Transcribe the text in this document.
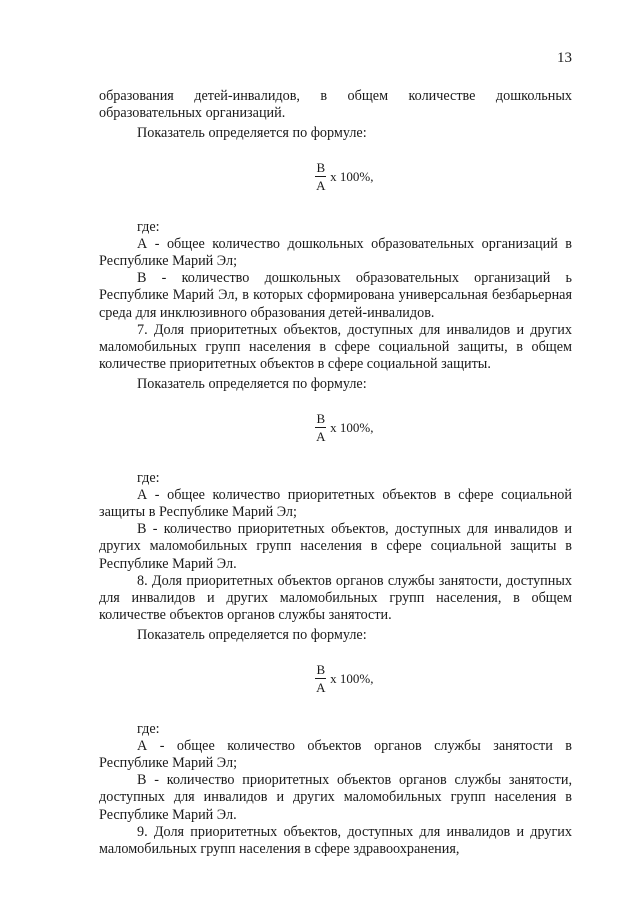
13

образования детей-инвалидов, в общем количестве дошкольных образовательных организаций.

Показатель определяется по формуле:

$\frac{В}{А}$ x 100%,

где:

А - общее количество дошкольных образовательных организаций в Республике Марий Эл;

В - количество дошкольных образовательных организаций ь Республике Марий Эл, в которых сформирована универсальная безбарьерная среда для инклюзивного образования детей-инвалидов.

7. Доля приоритетных объектов, доступных для инвалидов и других маломобильных групп населения в сфере социальной защиты, в общем количестве приоритетных объектов в сфере социальной защиты.

Показатель определяется по формуле:

$\frac{В}{А}$ x 100%,

где:

А - общее количество приоритетных объектов в сфере социальной защиты в Республике Марий Эл;

В - количество приоритетных объектов, доступных для инвалидов и других маломобильных групп населения в сфере социальной защиты в Республике Марий Эл.

8. Доля приоритетных объектов органов службы занятости, доступных для инвалидов и других маломобильных групп населения, в общем количестве объектов органов службы занятости.

Показатель определяется по формуле:

$\frac{В}{А}$ x 100%,

где:

А - общее количество объектов органов службы занятости в Республике Марий Эл;

В - количество приоритетных объектов органов службы занятости, доступных для инвалидов и других маломобильных групп населения в Республике Марий Эл.

9. Доля приоритетных объектов, доступных для инвалидов и других маломобильных групп населения в сфере здравоохранения,
